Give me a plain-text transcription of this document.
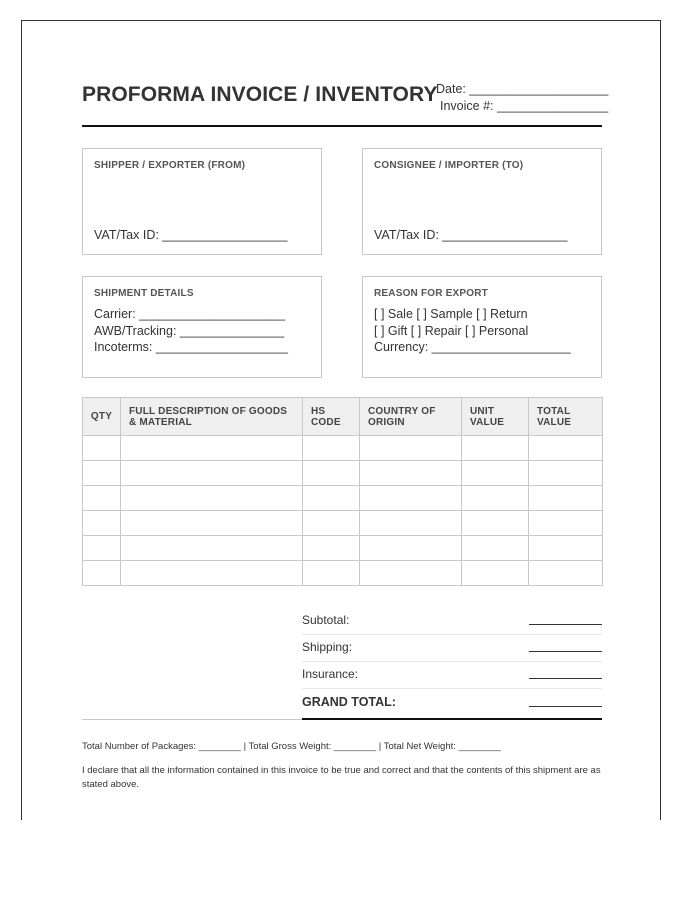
PROFORMA INVOICE / INVENTORY
Date: ____________________
Invoice #: ________________
SHIPPER / EXPORTER (FROM)
VAT/Tax ID: __________________
CONSIGNEE / IMPORTER (TO)
VAT/Tax ID: __________________
SHIPMENT DETAILS
Carrier: _____________________
AWB/Tracking: _______________
Incoterms: ___________________
REASON FOR EXPORT
[ ] Sale [ ] Sample [ ] Return
[ ] Gift [ ] Repair [ ] Personal
Currency: ____________________
QTY	FULL DESCRIPTION OF GOODS & MATERIAL	HS CODE	COUNTRY OF ORIGIN	UNIT VALUE	TOTAL VALUE

Subtotal:
Shipping:
Insurance:
GRAND TOTAL:
Total Number of Packages: ________ | Total Gross Weight: ________ | Total Net Weight: ________
I declare that all the information contained in this invoice to be true and correct and that the contents of this shipment are as stated above.
